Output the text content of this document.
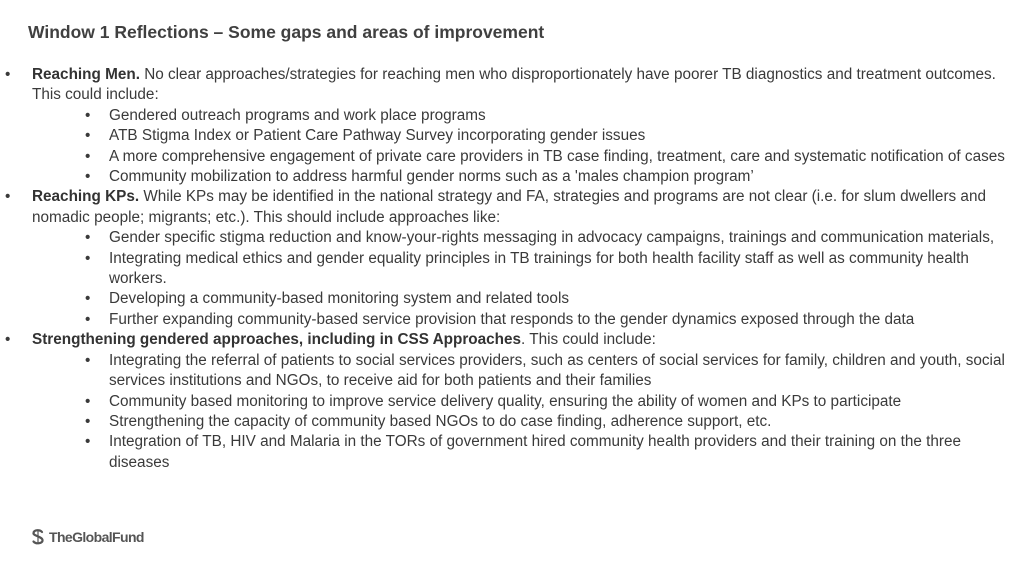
Window 1 Reflections – Some gaps and areas of improvement
• Reaching Men. No clear approaches/strategies for reaching men who disproportionately have poorer TB diagnostics and treatment outcomes. This could include:
• Gendered outreach programs and work place programs
• ATB Stigma Index or Patient Care Pathway Survey incorporating gender issues
• A more comprehensive engagement of private care providers in TB case finding, treatment, care and systematic notification of cases
• Community mobilization to address harmful gender norms such as a 'males champion program’
• Reaching KPs. While KPs may be identified in the national strategy and FA, strategies and programs are not clear (i.e. for slum dwellers and nomadic people; migrants; etc.). This should include approaches like:
• Gender specific stigma reduction and know-your-rights messaging in advocacy campaigns, trainings and communication materials,
• Integrating medical ethics and gender equality principles in TB trainings for both health facility staff as well as community health workers.
• Developing a community-based monitoring system and related tools
• Further expanding community-based service provision that responds to the gender dynamics exposed through the data
• Strengthening gendered approaches, including in CSS Approaches. This could include:
• Integrating the referral of patients to social services providers, such as centers of social services for family, children and youth, social services institutions and NGOs, to receive aid for both patients and their families
• Community based monitoring to improve service delivery quality, ensuring the ability of women and KPs to participate
• Strengthening the capacity of community based NGOs to do case finding, adherence support, etc.
• Integration of TB, HIV and Malaria in the TORs of government hired community health providers and their training on the three diseases
TheGlobalFund
